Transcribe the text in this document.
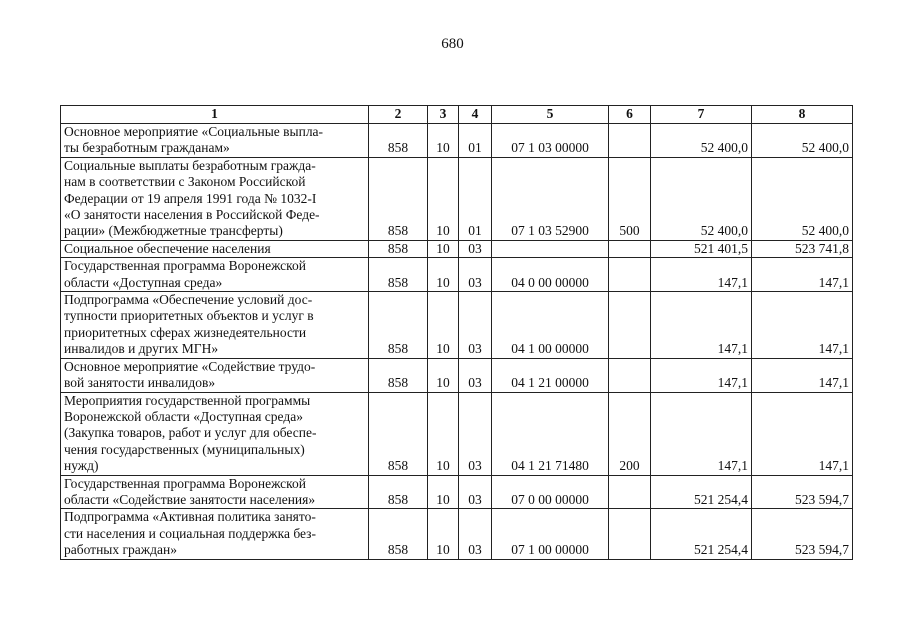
680
1	2	3	4	5	6	7	8
Основное мероприятие «Социальные выпла-
ты безработным гражданам»	858	10	01	07 1 03 00000		52 400,0	52 400,0
Социальные выплаты безработным гражда-
нам в соответствии с Законом Российской
Федерации от 19 апреля 1991 года № 1032-I
«О занятости населения в Российской Феде-
рации» (Межбюджетные трансферты)	858	10	01	07 1 03 52900	500	52 400,0	52 400,0
Социальное обеспечение населения	858	10	03			521 401,5	523 741,8
Государственная программа Воронежской
области «Доступная среда»	858	10	03	04 0 00 00000		147,1	147,1
Подпрограмма «Обеспечение условий дос-
тупности приоритетных объектов и услуг в
приоритетных сферах жизнедеятельности
инвалидов и других МГН»	858	10	03	04 1 00 00000		147,1	147,1
Основное мероприятие «Содействие трудо-
вой занятости инвалидов»	858	10	03	04 1 21 00000		147,1	147,1
Мероприятия государственной программы
Воронежской области «Доступная среда»
(Закупка товаров, работ и услуг для обеспе-
чения государственных (муниципальных)
нужд)	858	10	03	04 1 21 71480	200	147,1	147,1
Государственная программа Воронежской
области «Содействие занятости населения»	858	10	03	07 0 00 00000		521 254,4	523 594,7
Подпрограмма «Активная политика занято-
сти населения и социальная поддержка без-
работных граждан»	858	10	03	07 1 00 00000		521 254,4	523 594,7
